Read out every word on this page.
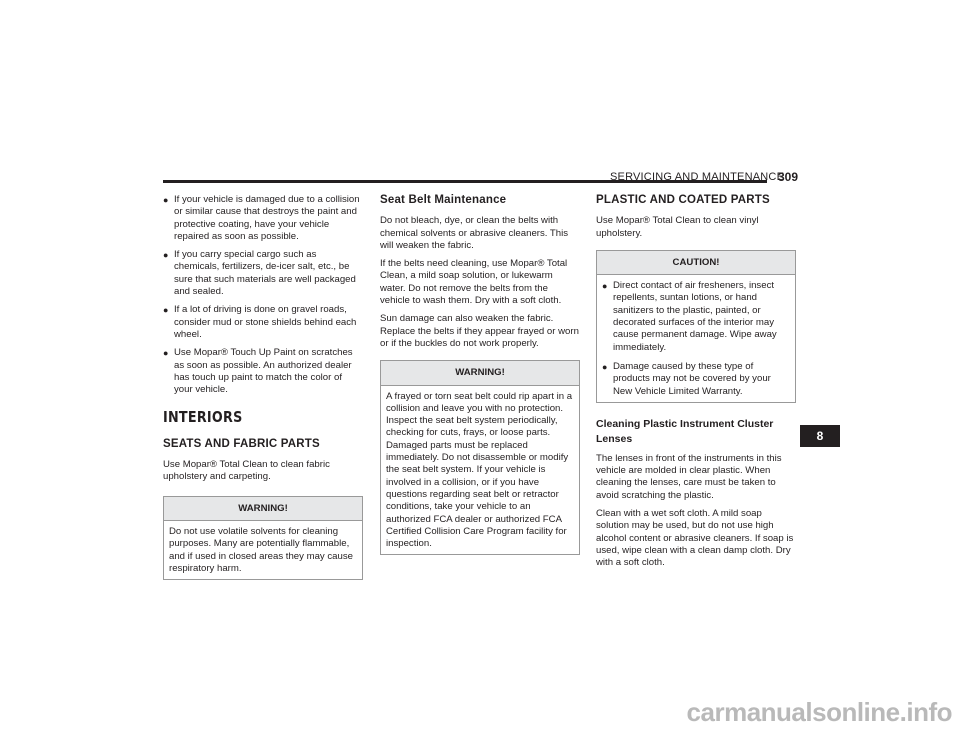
SERVICING AND MAINTENANCE
309
● If your vehicle is damaged due to a collision or similar cause that destroys the paint and protective coating, have your vehicle repaired as soon as possible.
● If you carry special cargo such as chemicals, fertilizers, de-icer salt, etc., be sure that such materials are well packaged and sealed.
● If a lot of driving is done on gravel roads, consider mud or stone shields behind each wheel.
● Use Mopar® Touch Up Paint on scratches as soon as possible. An authorized dealer has touch up paint to match the color of your vehicle.
INTERIORS
SEATS AND FABRIC PARTS

Use Mopar® Total Clean to clean fabric upholstery and carpeting.

WARNING!
Do not use volatile solvents for cleaning purposes. Many are potentially flammable, and if used in closed areas they may cause respiratory harm.
Seat Belt Maintenance

Do not bleach, dye, or clean the belts with chemical solvents or abrasive cleaners. This will weaken the fabric.

If the belts need cleaning, use Mopar® Total Clean, a mild soap solution, or lukewarm water. Do not remove the belts from the vehicle to wash them. Dry with a soft cloth.

Sun damage can also weaken the fabric. Replace the belts if they appear frayed or worn or if the buckles do not work properly.

WARNING!
A frayed or torn seat belt could rip apart in a collision and leave you with no protection. Inspect the seat belt system periodically, checking for cuts, frays, or loose parts. Damaged parts must be replaced immediately. Do not disassemble or modify the seat belt system. If your vehicle is involved in a collision, or if you have questions regarding seat belt or retractor conditions, take your vehicle to an authorized FCA dealer or authorized FCA Certified Collision Care Program facility for inspection.
PLASTIC AND COATED PARTS

Use Mopar® Total Clean to clean vinyl upholstery.

CAUTION!
● Direct contact of air fresheners, insect repellents, suntan lotions, or hand sanitizers to the plastic, painted, or decorated surfaces of the interior may cause permanent damage. Wipe away immediately.
● Damage caused by these type of products may not be covered by your New Vehicle Limited Warranty.
Cleaning Plastic Instrument Cluster Lenses

The lenses in front of the instruments in this vehicle are molded in clear plastic. When cleaning the lenses, care must be taken to avoid scratching the plastic.

Clean with a wet soft cloth. A mild soap solution may be used, but do not use high alcohol content or abrasive cleaners. If soap is used, wipe clean with a clean damp cloth. Dry with a soft cloth.

8
carmanualsonline.info
